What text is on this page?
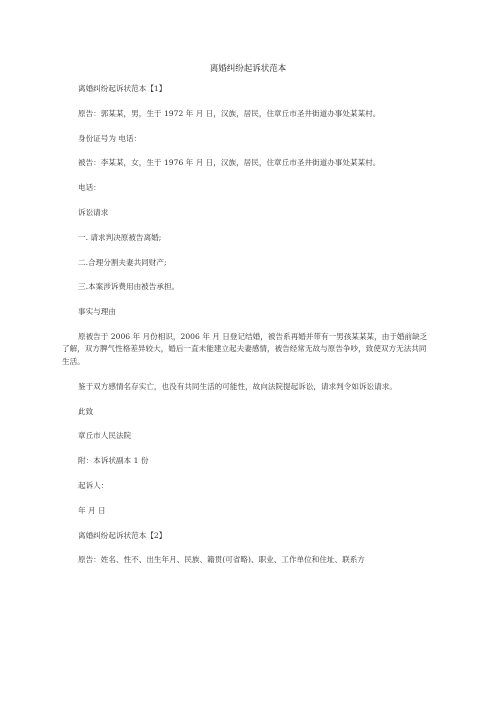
离婚纠纷起诉状范本

离婚纠纷起诉状范本【1】

原告：郭某某，男，生于 1972 年 月 日，汉族，居民，住章丘市圣井街道办事处某某村。

身份证号为 电话：

被告：李某某，女，生于 1976 年 月 日，汉族，居民，住章丘市圣井街道办事处某某村。

电话：

诉讼请求

一. 请求判决原被告离婚;

二.合理分割夫妻共同财产;

三.本案涉诉费用由被告承担。

事实与理由

原被告于 2006 年 月份相识，2006 年 月 日登记结婚，被告系再婚并带有一男孩某某某，由于婚前缺乏了解，双方脾气性格差异较大，婚后一直未能建立起夫妻感情，被告经常无故与原告争吵，致使双方无法共同生活。

鉴于双方感情名存实亡，也没有共同生活的可能性，故向法院提起诉讼，请求判令如诉讼请求。

此致

章丘市人民法院

附：本诉状副本 1 份

起诉人：

年 月 日

离婚纠纷起诉状范本【2】

原告：姓名、性不、出生年月、民族、籍贯(可省略)、职业、工作单位和住址、联系方
